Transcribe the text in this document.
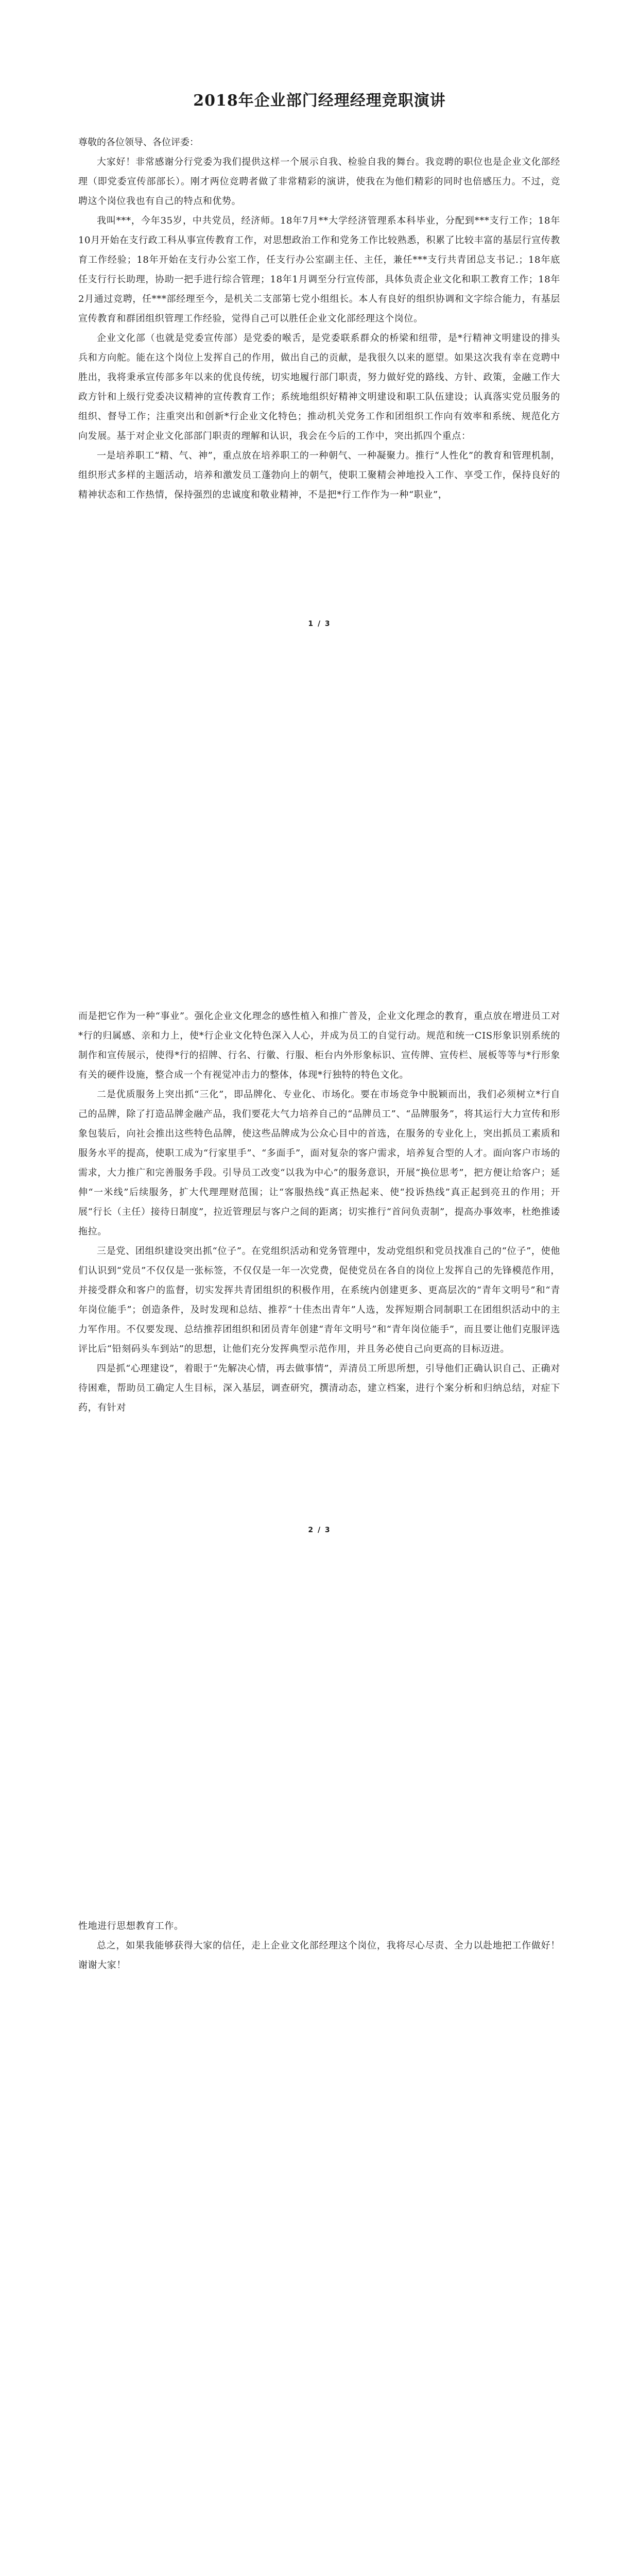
2018年企业部门经理经理竞职演讲

尊敬的各位领导、各位评委：

大家好！非常感谢分行党委为我们提供这样一个展示自我、检验自我的舞台。我竞聘的职位也是企业文化部经理（即党委宣传部部长）。刚才两位竞聘者做了非常精彩的演讲，使我在为他们精彩的同时也倍感压力。不过，竞聘这个岗位我也有自己的特点和优势。

我叫***，今年35岁，中共党员，经济师。18年7月**大学经济管理系本科毕业，分配到***支行工作；18年10月开始在支行政工科从事宣传教育工作，对思想政治工作和党务工作比较熟悉，积累了比较丰富的基层行宣传教育工作经验；18年开始在支行办公室工作，任支行办公室副主任、主任，兼任***支行共青团总支书记.；18年底任支行行长助理，协助一把手进行综合管理；18年1月调至分行宣传部，具体负责企业文化和职工教育工作；18年2月通过竞聘，任***部经理至今，是机关二支部第七党小组组长。本人有良好的组织协调和文字综合能力，有基层宣传教育和群团组织管理工作经验，觉得自己可以胜任企业文化部经理这个岗位。

企业文化部（也就是党委宣传部）是党委的喉舌，是党委联系群众的桥梁和纽带，是*行精神文明建设的排头兵和方向舵。能在这个岗位上发挥自己的作用，做出自己的贡献，是我很久以来的愿望。如果这次我有幸在竞聘中胜出，我将秉承宣传部多年以来的优良传统，切实地履行部门职责，努力做好党的路线、方针、政策，金融工作大政方针和上级行党委决议精神的宣传教育工作；系统地组织好精神文明建设和职工队伍建设；认真落实党员服务的组织、督导工作；注重突出和创新*行企业文化特色；推动机关党务工作和团组织工作向有效率和系统、规范化方向发展。基于对企业文化部部门职责的理解和认识，我会在今后的工作中，突出抓四个重点：

一是培养职工“精、气、神”，重点放在培养职工的一种朝气、一种凝聚力。推行“人性化”的教育和管理机制，组织形式多样的主题活动，培养和激发员工蓬勃向上的朝气，使职工聚精会神地投入工作、享受工作，保持良好的精神状态和工作热情，保持强烈的忠诚度和敬业精神，不是把*行工作作为一种“职业”，

1 / 3

而是把它作为一种“事业”。强化企业文化理念的感性植入和推广普及，企业文化理念的教育，重点放在增进员工对*行的归属感、亲和力上，使*行企业文化特色深入人心，并成为员工的自觉行动。规范和统一CIS形象识别系统的制作和宣传展示，使得*行的招牌、行名、行徽、行服、柜台内外形象标识、宣传牌、宣传栏、展板等等与*行形象有关的硬件设施，整合成一个有视觉冲击力的整体，体现*行独特的特色文化。

二是优质服务上突出抓“三化”，即品牌化、专业化、市场化。要在市场竞争中脱颖而出，我们必须树立*行自己的品牌，除了打造品牌金融产品，我们要花大气力培养自己的“品牌员工”、“品牌服务”，将其运行大力宣传和形象包装后，向社会推出这些特色品牌，使这些品牌成为公众心目中的首选，在服务的专业化上，突出抓员工素质和服务水平的提高，使职工成为“行家里手”、“多面手”，面对复杂的客户需求，培养复合型的人才。面向客户市场的需求，大力推广和完善服务手段。引导员工改变“以我为中心”的服务意识，开展“换位思考”，把方便让给客户；延伸“一米线”后续服务，扩大代理理财范围；让“客服热线”真正热起来、使“投诉热线”真正起到亮丑的作用；开展“行长（主任）接待日制度”，拉近管理层与客户之间的距离；切实推行“首问负责制”，提高办事效率，杜绝推诿拖拉。

三是党、团组织建设突出抓“位子”。在党组织活动和党务管理中，发动党组织和党员找准自己的“位子”，使他们认识到“党员”不仅仅是一张标签，不仅仅是一年一次党费，促使党员在各自的岗位上发挥自己的先锋模范作用，并接受群众和客户的监督，切实发挥共青团组织的积极作用，在系统内创建更多、更高层次的“青年文明号”和“青年岗位能手”；创造条件，及时发现和总结、推荐“十佳杰出青年”人选，发挥短期合同制职工在团组织活动中的主力军作用。不仅要发现、总结推荐团组织和团员青年创建“青年文明号”和“青年岗位能手”，而且要让他们克服评选评比后“铅刻码头车到站”的思想，让他们充分发挥典型示范作用，并且务必使自己向更高的目标迈进。

四是抓“心理建设”，着眼于“先解决心情，再去做事情”，弄清员工所思所想，引导他们正确认识自己、正确对待困难，帮助员工确定人生目标，深入基层，调查研究，撰清动态，建立档案，进行个案分析和归纳总结，对症下药，有针对

2 / 3

性地进行思想教育工作。

总之，如果我能够获得大家的信任，走上企业文化部经理这个岗位，我将尽心尽责、全力以赴地把工作做好！谢谢大家！
